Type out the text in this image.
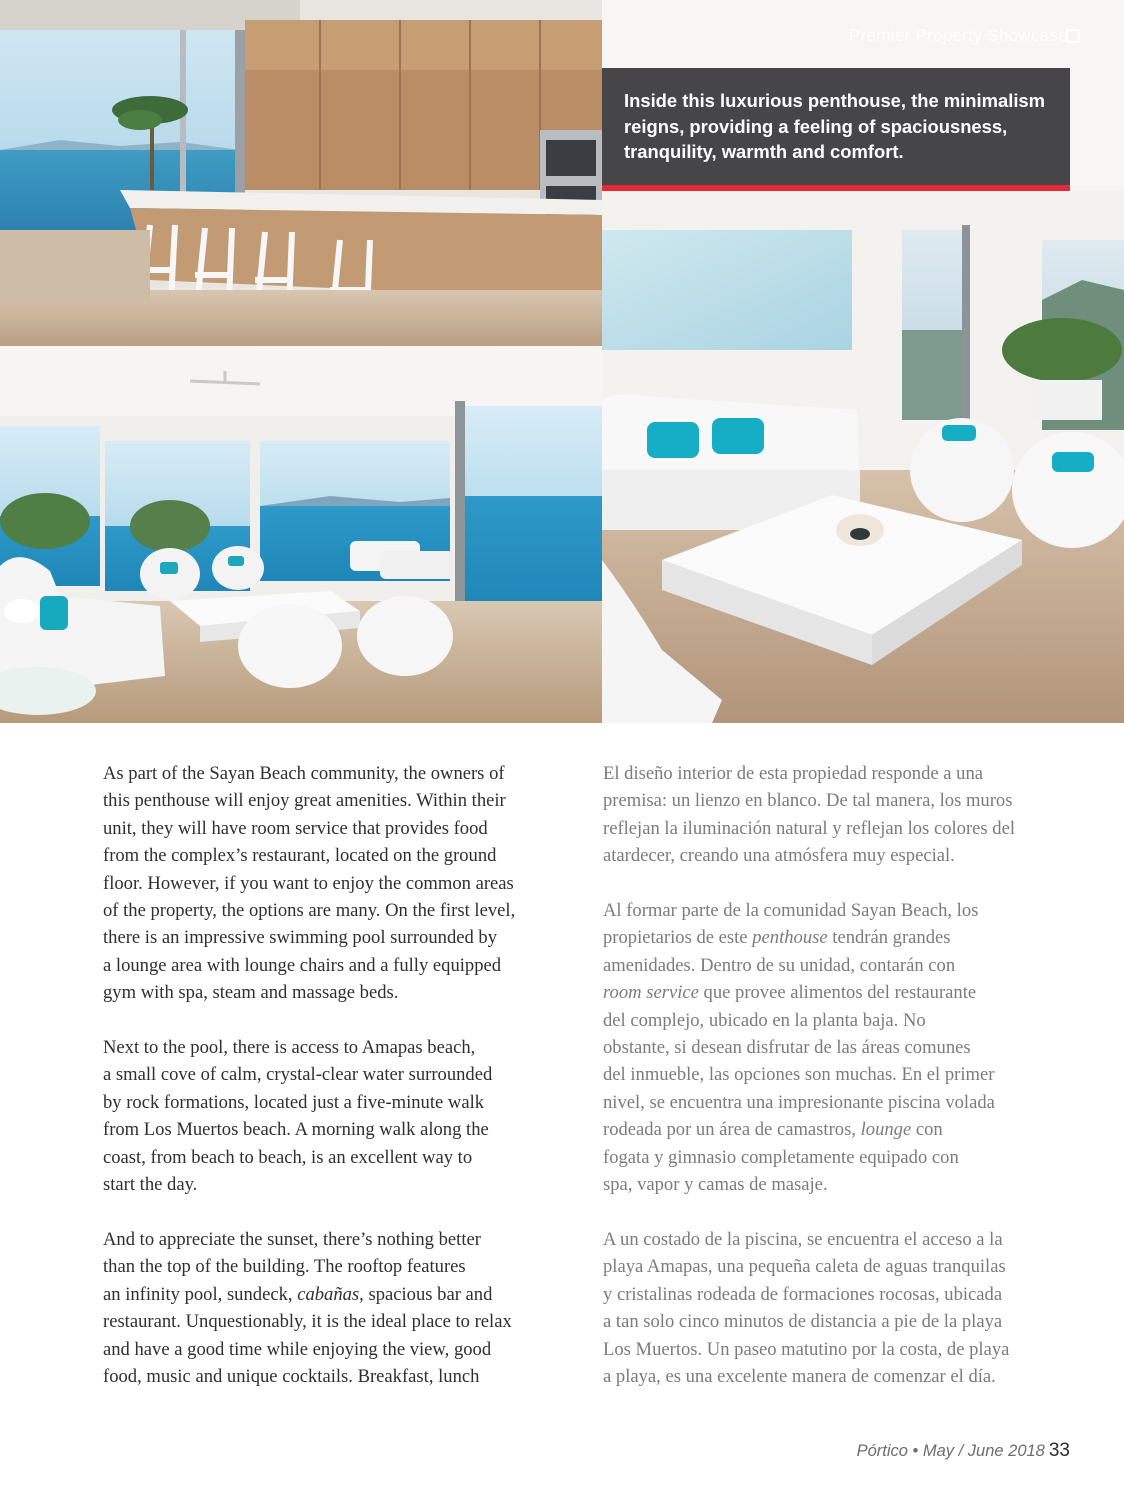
Premier Property Showcase
Inside this luxurious penthouse, the minimalism reigns, providing a feeling of spaciousness, tranquility, warmth and comfort.

As part of the Sayan Beach community, the owners of
this penthouse will enjoy great amenities. Within their
unit, they will have room service that provides food
from the complex’s restaurant, located on the ground
floor. However, if you want to enjoy the common areas
of the property, the options are many. On the first level,
there is an impressive swimming pool surrounded by
a lounge area with lounge chairs and a fully equipped
gym with spa, steam and massage beds.

Next to the pool, there is access to Amapas beach,
a small cove of calm, crystal-clear water surrounded
by rock formations, located just a five-minute walk
from Los Muertos beach. A morning walk along the
coast, from beach to beach, is an excellent way to
start the day.

And to appreciate the sunset, there’s nothing better
than the top of the building. The rooftop features
an infinity pool, sundeck, cabañas, spacious bar and
restaurant. Unquestionably, it is the ideal place to relax
and have a good time while enjoying the view, good
food, music and unique cocktails. Breakfast, lunch

El diseño interior de esta propiedad responde a una
premisa: un lienzo en blanco. De tal manera, los muros
reflejan la iluminación natural y reflejan los colores del
atardecer, creando una atmósfera muy especial.

Al formar parte de la comunidad Sayan Beach, los
propietarios de este penthouse tendrán grandes
amenidades. Dentro de su unidad, contarán con
room service que provee alimentos del restaurante
del complejo, ubicado en la planta baja. No
obstante, si desean disfrutar de las áreas comunes
del inmueble, las opciones son muchas. En el primer
nivel, se encuentra una impresionante piscina volada
rodeada por un área de camastros, lounge con
fogata y gimnasio completamente equipado con
spa, vapor y camas de masaje.

A un costado de la piscina, se encuentra el acceso a la
playa Amapas, una pequeña caleta de aguas tranquilas
y cristalinas rodeada de formaciones rocosas, ubicada
a tan solo cinco minutos de distancia a pie de la playa
Los Muertos. Un paseo matutino por la costa, de playa
a playa, es una excelente manera de comenzar el día.

Pórtico • May / June 2018 33
